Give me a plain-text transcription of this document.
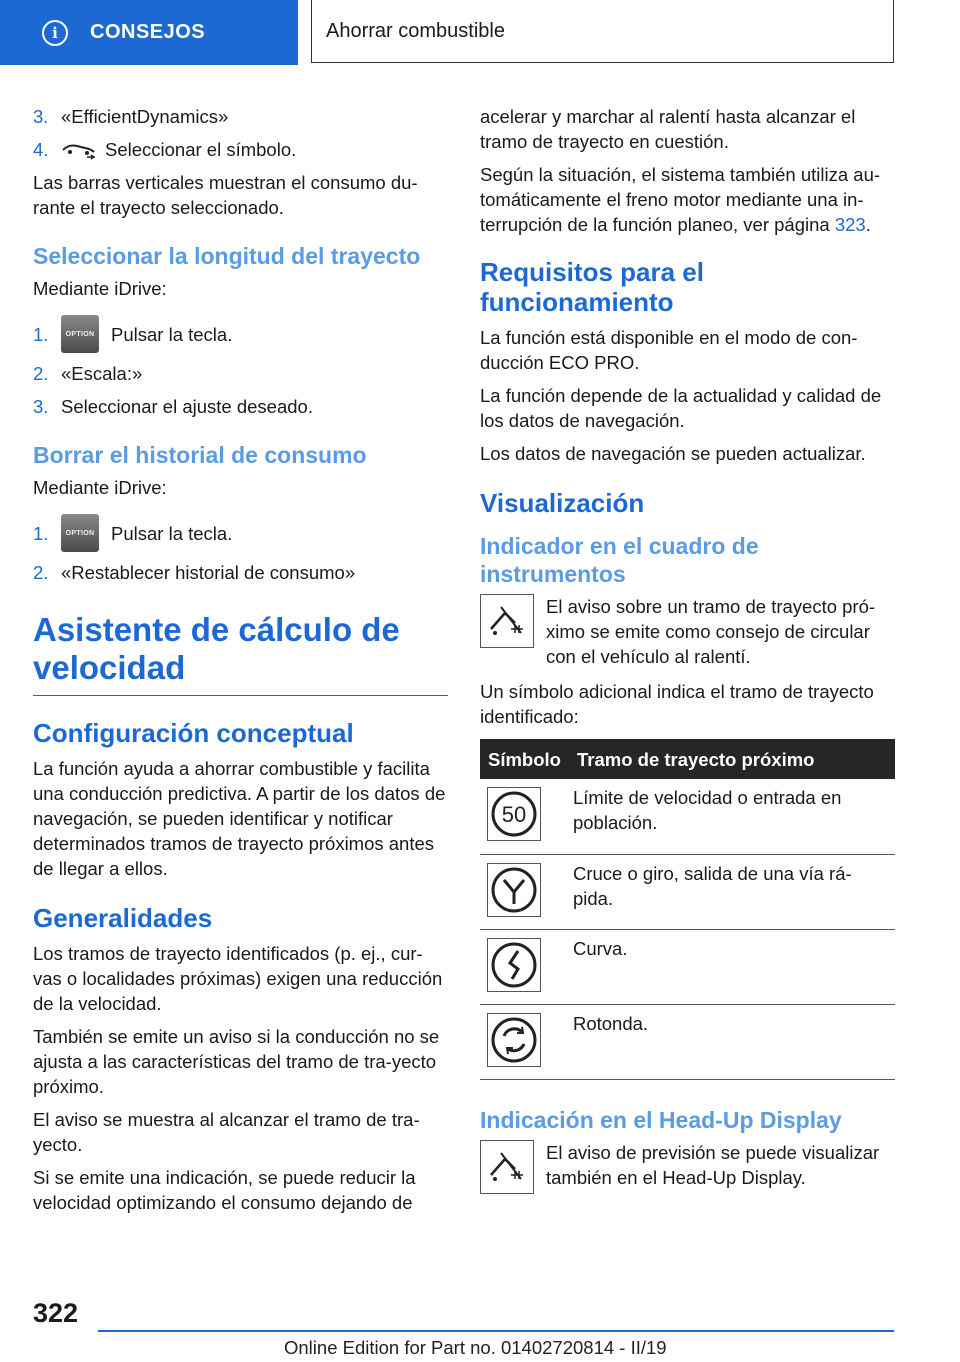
i	CONSEJOS	Ahorrar combustible
3. «EfficientDynamics»
4.	Seleccionar el símbolo.

Las barras verticales muestran el consumo du-rante el trayecto seleccionado.

Seleccionar la longitud del trayecto

Mediante iDrive:

1.	OPTION Pulsar la tecla.
2. «Escala:»
3. Seleccionar el ajuste deseado.
Borrar el historial de consumo

Mediante iDrive:

1.	OPTION Pulsar la tecla.
2. «Restablecer historial de consumo»
Asistente de cálculo de velocidad
Configuración conceptual

La función ayuda a ahorrar combustible y facilita una conducción predictiva. A partir de los datos de navegación, se pueden identificar y notificar determinados tramos de trayecto próximos antes de llegar a ellos.

Generalidades

Los tramos de trayecto identificados (p. ej., cur-vas o localidades próximas) exigen una reducción de la velocidad.

También se emite un aviso si la conducción no se ajusta a las características del tramo de tra-yecto próximo.

El aviso se muestra al alcanzar el tramo de tra-yecto.

Si se emite una indicación, se puede reducir la velocidad optimizando el consumo dejando de

acelerar y marchar al ralentí hasta alcanzar el tramo de trayecto en cuestión.

Según la situación, el sistema también utiliza au-tomáticamente el freno motor mediante una in-terrupción de la función planeo, ver página 323.

Requisitos para el funcionamiento

La función está disponible en el modo de con-ducción ECO PRO.

La función depende de la actualidad y calidad de los datos de navegación.

Los datos de navegación se pueden actualizar.

Visualización
Indicador en el cuadro de instrumentos

El aviso sobre un tramo de trayecto pró-ximo se emite como consejo de circular con el vehículo al ralentí.

Un símbolo adicional indica el tramo de trayecto identificado:

Símbolo	Tramo de trayecto próximo

50	Límite de velocidad o entrada en población.

	Cruce o giro, salida de una vía rá-pida.

	Curva.

	Rotonda.
Indicación en el Head-Up Display

El aviso de previsión se puede visualizar también en el Head-Up Display.

322
Online Edition for Part no. 01402720814 - II/19
